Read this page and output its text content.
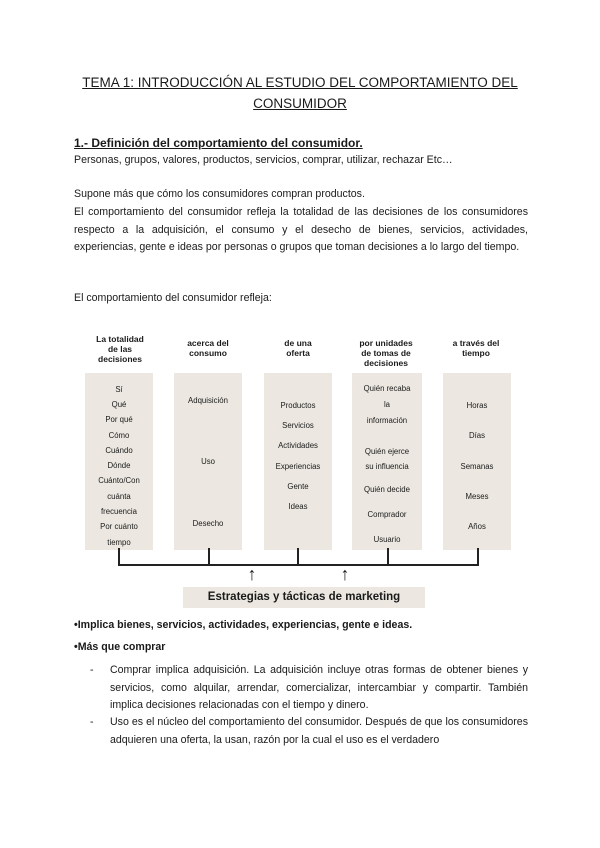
TEMA 1: INTRODUCCIÓN AL ESTUDIO DEL COMPORTAMIENTO DEL
CONSUMIDOR
1.- Definición del comportamiento del consumidor.
Personas, grupos, valores, productos, servicios, comprar, utilizar, rechazar Etc…
Supone más que cómo los consumidores compran productos.
El comportamiento del consumidor refleja la totalidad de las decisiones de los consumidores respecto a la adquisición, el consumo y el desecho de bienes, servicios, actividades, experiencias, gente e ideas por personas o grupos que toman decisiones a lo largo del tiempo.
El comportamiento del consumidor refleja:
La totalidad
de las
decisiones
Sí
Qué
Por qué
Cómo
Cuándo
Dónde
Cuánto/Con
cuánta
frecuencia
Por cuánto
tiempo
acerca del
consumo
Adquisición
Uso
Desecho
de una
oferta
Productos
Servicios
Actividades
Experiencias
Gente
Ideas
por unidades
de tomas de
decisiones
Quién recaba
la
información
Quién ejerce
su influencia
Quién decide
Comprador
Usuario
a través del
tiempo
Horas
Días
Semanas
Meses
Años
↑	↑
Estrategias y tácticas de marketing
•Implica bienes, servicios, actividades, experiencias, gente e ideas.
•Más que comprar
- Comprar implica adquisición. La adquisición incluye otras formas de obtener bienes y servicios, como alquilar, arrendar, comercializar, intercambiar y compartir. También implica decisiones relacionadas con el tiempo y dinero.
- Uso es el núcleo del comportamiento del consumidor. Después de que los consumidores adquieren una oferta, la usan, razón por la cual el uso es el verdadero
